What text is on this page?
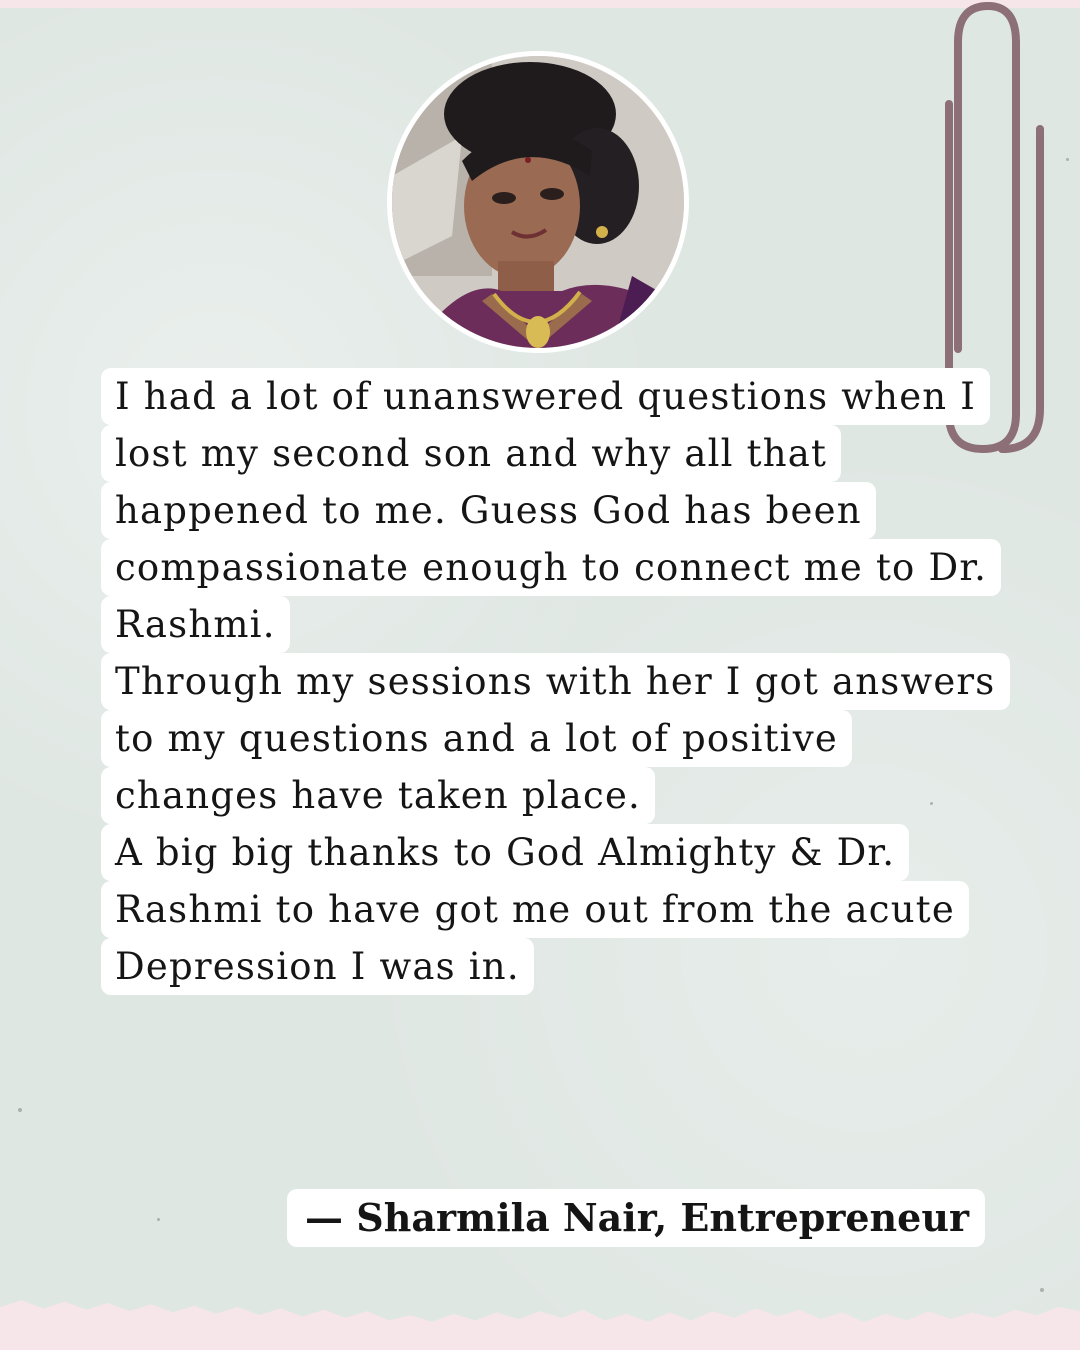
I had a lot of unanswered questions when I

lost my second son and why all that

happened to me. Guess God has been

compassionate enough to connect me to Dr.

Rashmi.

Through my sessions with her I got answers

to my questions and a lot of positive

changes have taken place.

A big big thanks to God Almighty & Dr.

Rashmi to have got me out from the acute

Depression I was in.

— Sharmila Nair, Entrepreneur
